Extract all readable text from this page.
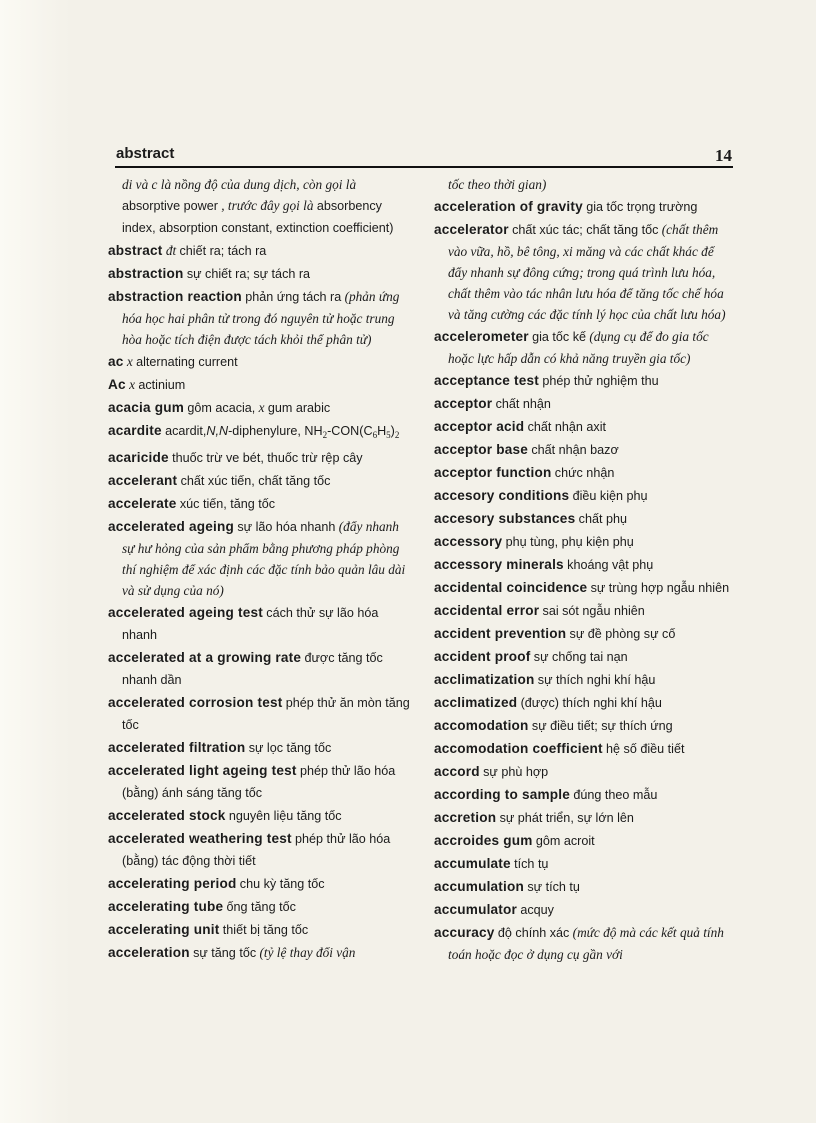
abstract	14
di và c là nồng độ của dung dịch, còn gọi là absorptive power , trước đây gọi là absorbency index, absorption constant, extinction coefficient)
abstract đt chiết ra; tách ra
abstraction sự chiết ra; sự tách ra
abstraction reaction phản ứng tách ra (phản ứng hóa học hai phân tử trong đó nguyên tử hoặc trung hòa hoặc tích điện được tách khỏi thể phân tử)
ac x alternating current
Ac x actinium
acacia gum gôm acacia, x gum arabic
acardite acardit,N,N-diphenylure, $NH_2-CON(C_6H_5)_2$
acaricide thuốc trừ ve bét, thuốc trừ rệp cây
accelerant chất xúc tiến, chất tăng tốc
accelerate xúc tiến, tăng tốc
accelerated ageing sự lão hóa nhanh (đẩy nhanh sự hư hỏng của sản phẩm bằng phương pháp phòng thí nghiệm để xác định các đặc tính bảo quản lâu dài và sử dụng của nó)
accelerated ageing test cách thử sự lão hóa nhanh
accelerated at a growing rate được tăng tốc nhanh dần
accelerated corrosion test phép thử ăn mòn tăng tốc
accelerated filtration sự lọc tăng tốc
accelerated light ageing test phép thử lão hóa (bằng) ánh sáng tăng tốc
accelerated stock nguyên liệu tăng tốc
accelerated weathering test phép thử lão hóa (bằng) tác động thời tiết
accelerating period chu kỳ tăng tốc
accelerating tube ống tăng tốc
accelerating unit thiết bị tăng tốc
acceleration sự tăng tốc (tỷ lệ thay đổi vận
tốc theo thời gian)
acceleration of gravity gia tốc trọng trường
accelerator chất xúc tác; chất tăng tốc (chất thêm vào vữa, hồ, bê tông, xi măng và các chất khác để đẩy nhanh sự đông cứng; trong quá trình lưu hóa, chất thêm vào tác nhân lưu hóa để tăng tốc chế hóa và tăng cường các đặc tính lý học của chất lưu hóa)
accelerometer gia tốc kế (dụng cụ để đo gia tốc hoặc lực hấp dẫn có khả năng truyền gia tốc)
acceptance test phép thử nghiệm thu
acceptor chất nhận
acceptor acid chất nhận axit
acceptor base chất nhận bazơ
acceptor function chức nhận
accesory conditions điều kiện phụ
accesory substances chất phụ
accessory phụ tùng, phụ kiện phụ
accessory minerals khoáng vật phụ
accidental coincidence sự trùng hợp ngẫu nhiên
accidental error sai sót ngẫu nhiên
accident prevention sự đề phòng sự cố
accident proof sự chống tai nạn
acclimatization sự thích nghi khí hậu
acclimatized (được) thích nghi khí hậu
accomodation sự điều tiết; sự thích ứng
accomodation coefficient hệ số điều tiết
accord sự phù hợp
according to sample đúng theo mẫu
accretion sự phát triển, sự lớn lên
accroides gum gôm acroit
accumulate tích tụ
accumulation sự tích tụ
accumulator acquy
accuracy độ chính xác (mức độ mà các kết quả tính toán hoặc đọc ở dụng cụ gần với
